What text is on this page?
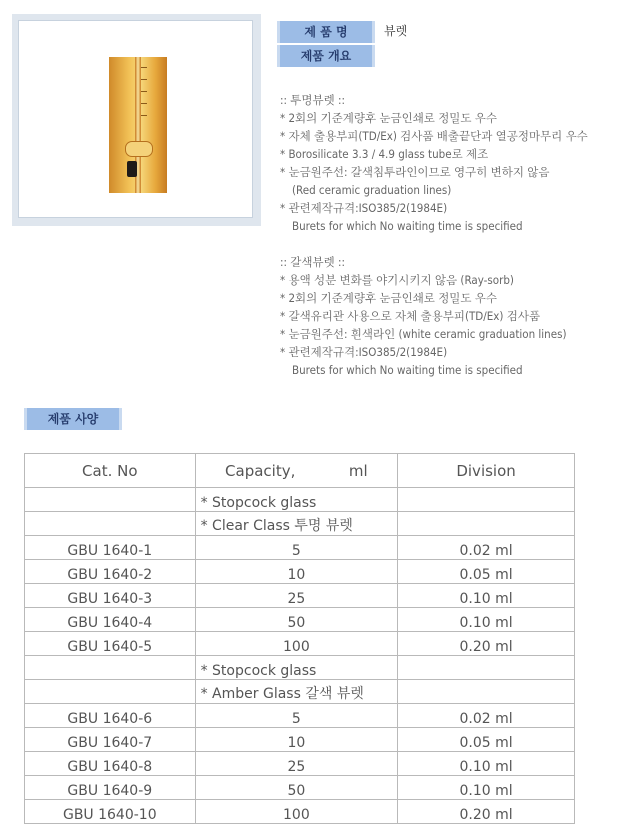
제 품 명	뷰렛
제품 개요
:: 투명뷰렛 ::
* 2회의 기준계량후 눈금인쇄로 정밀도 우수
* 자체 출용부피(TD/Ex) 검사품 배출끝단과 열공정마무리 우수
* Borosilicate 3.3 / 4.9 glass tube로 제조
* 눈금원주선: 갈색침투라인이므로 영구히 변하지 않음
(Red ceramic graduation lines)
* 관련제작규격:ISO385/2(1984E)
Burets for which No waiting time is specified
:: 갈색뷰렛 ::
* 용액 성분 변화를 야기시키지 않음 (Ray-sorb)
* 2회의 기준계량후 눈금인쇄로 정밀도 우수
* 갈색유리관 사용으로 자체 출용부피(TD/Ex) 검사품
* 눈금원주선: 흰색라인 (white ceramic graduation lines)
* 관련제작규격:ISO385/2(1984E)
Burets for which No waiting time is specified
제품 사양
Cat. No	Capacity, ml	Division
	* Stopcock glass	
	* Clear Class 투명 뷰렛	
GBU 1640-1	5	0.02 ml
GBU 1640-2	10	0.05 ml
GBU 1640-3	25	0.10 ml
GBU 1640-4	50	0.10 ml
GBU 1640-5	100	0.20 ml
	* Stopcock glass	
	* Amber Glass 갈색 뷰렛	
GBU 1640-6	5	0.02 ml
GBU 1640-7	10	0.05 ml
GBU 1640-8	25	0.10 ml
GBU 1640-9	50	0.10 ml
GBU 1640-10	100	0.20 ml
